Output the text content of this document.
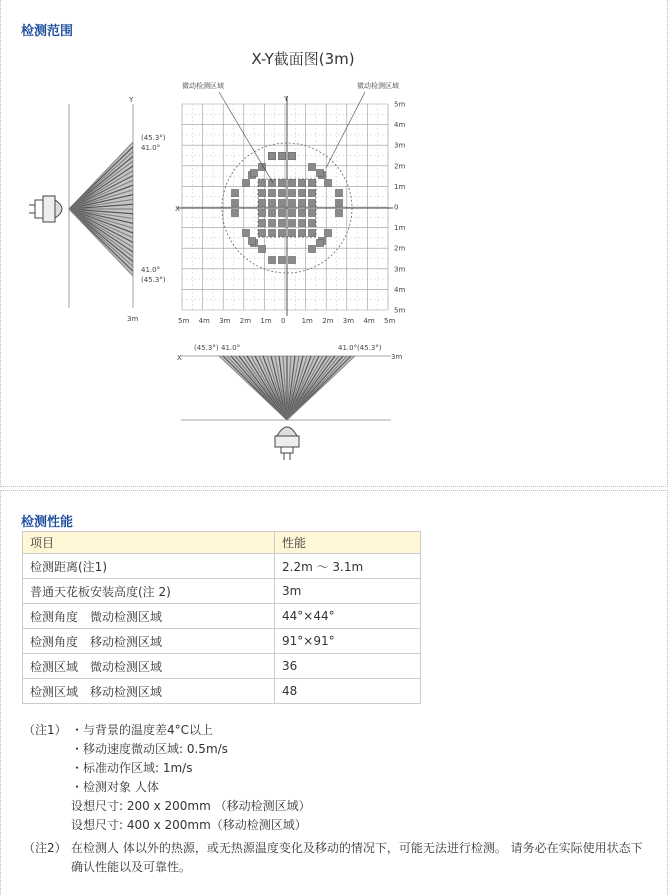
检测范围
X-Y截面图(3m)
Y
(45.3°)
41.0°
41.0°
(45.3°)
3m
Y
X
微动检测区域	微动检测区域
5m
4m
3m
2m
1m
0
1m
2m
3m
4m
5m
5m 4m 3m 2m 1m 0 1m 2m 3m 4m 5m
X
(45.3°) 41.0°	41.0° (45.3°)
3m
检测性能
项目	性能
检测距离(注1)	2.2m ～ 3.1m
普通天花板安装高度(注 2)	3m
检测角度　微动检测区域	44°×44°
检测角度　移动检测区域	91°×91°
检测区域　微动检测区域	36
检测区域　移动检测区域	48
（注1） ・与背景的温度差4°C以上
・移动速度微动区域: 0.5m/s
・标准动作区域: 1m/s
・检测对象 人体
设想尺寸: 200 x 200mm （移动检测区域）
设想尺寸: 400 x 200mm（移动检测区域）
（注2） 在检测人 体以外的热源，或无热源温度变化及移动的情况下，可能无法进行检测。 请务必在实际使用状态下确认性能以及可靠性。
